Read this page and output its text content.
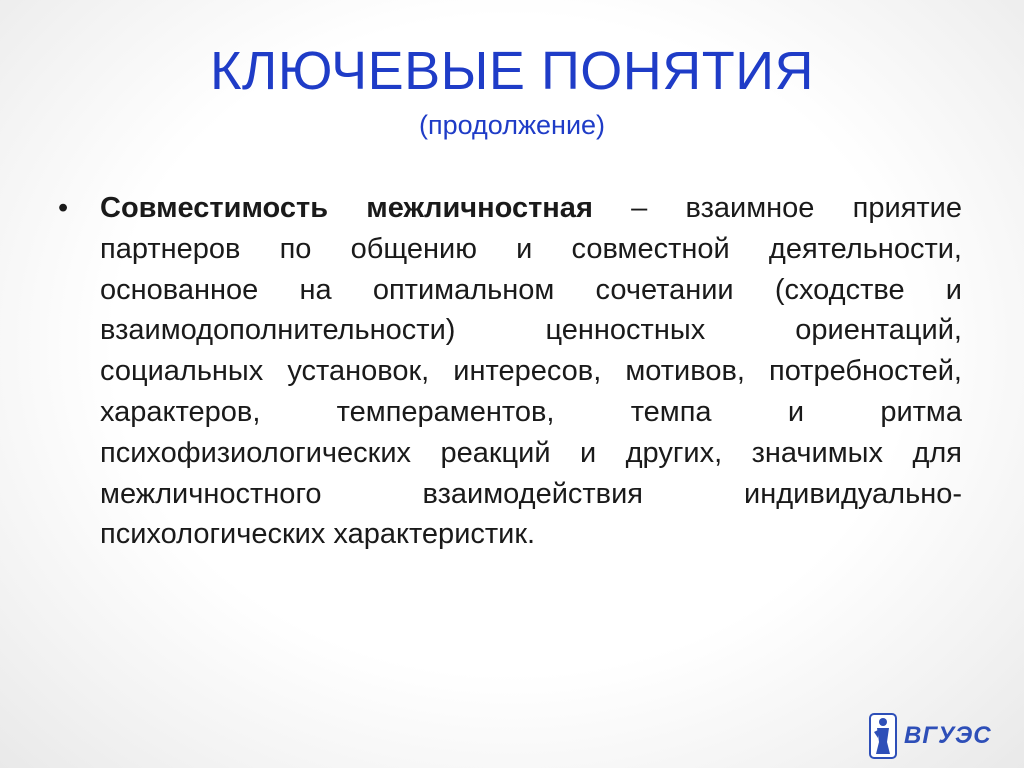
КЛЮЧЕВЫЕ ПОНЯТИЯ
(продолжение)
• Совместимость межличностная – взаимное приятие партнеров по общению и совместной деятельности, основанное на оптимальном сочетании (сходстве и взаимодополнительности) ценностных ориентаций, социальных установок, интересов, мотивов, потребностей, характеров, темпераментов, темпа и ритма психофизиологических реакций и других, значимых для межличностного взаимодействия индивидуально- психологических характеристик.
ВГУЭС
